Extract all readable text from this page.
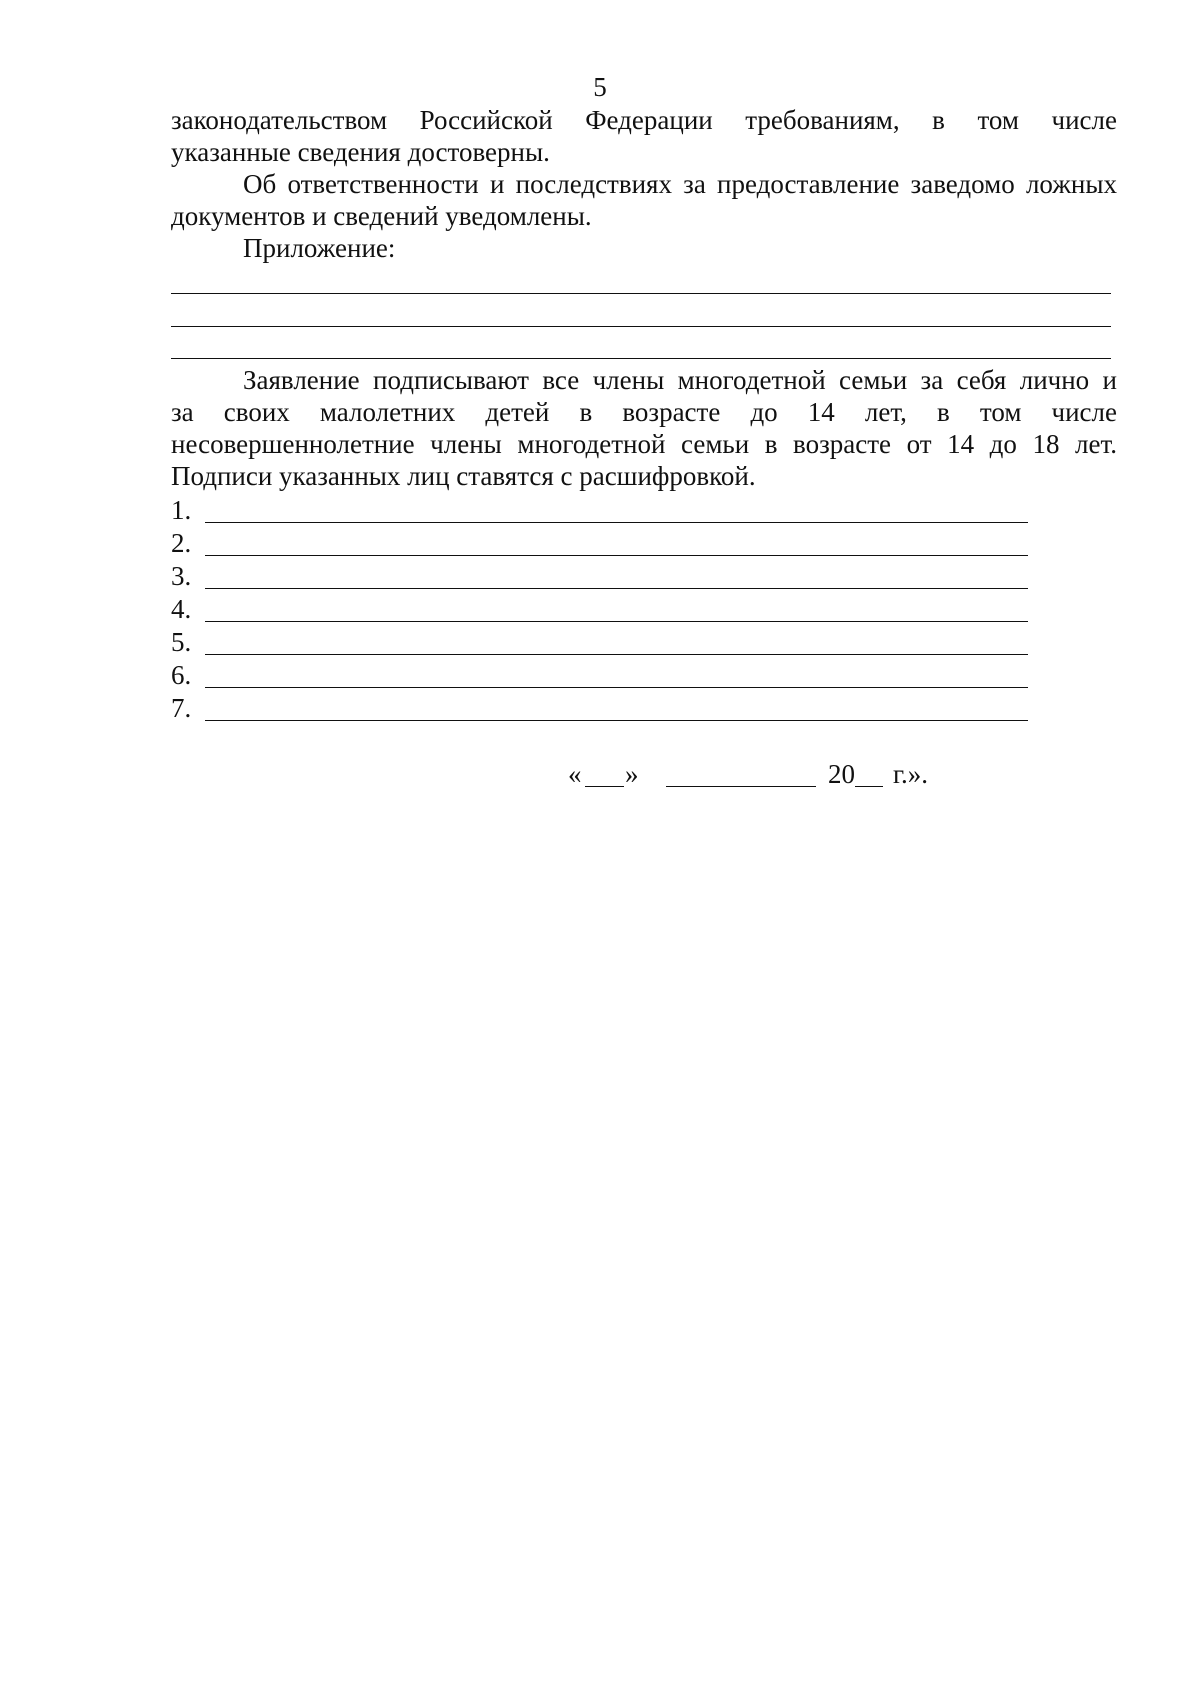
5
законодательством Российской Федерации требованиям, в том числе
указанные сведения достоверны.
Об ответственности и последствиях за предоставление заведомо ложных
документов и сведений уведомлены.
Приложение:
Заявление подписывают все члены многодетной семьи за себя лично и
за своих малолетних детей в возрасте до 14 лет, в том числе
несовершеннолетние члены многодетной семьи в возрасте от 14 до 18 лет.
Подписи указанных лиц ставятся с расшифровкой.
1.
2.
3.
4.
5.
6.
7.
« »	20 г.».
